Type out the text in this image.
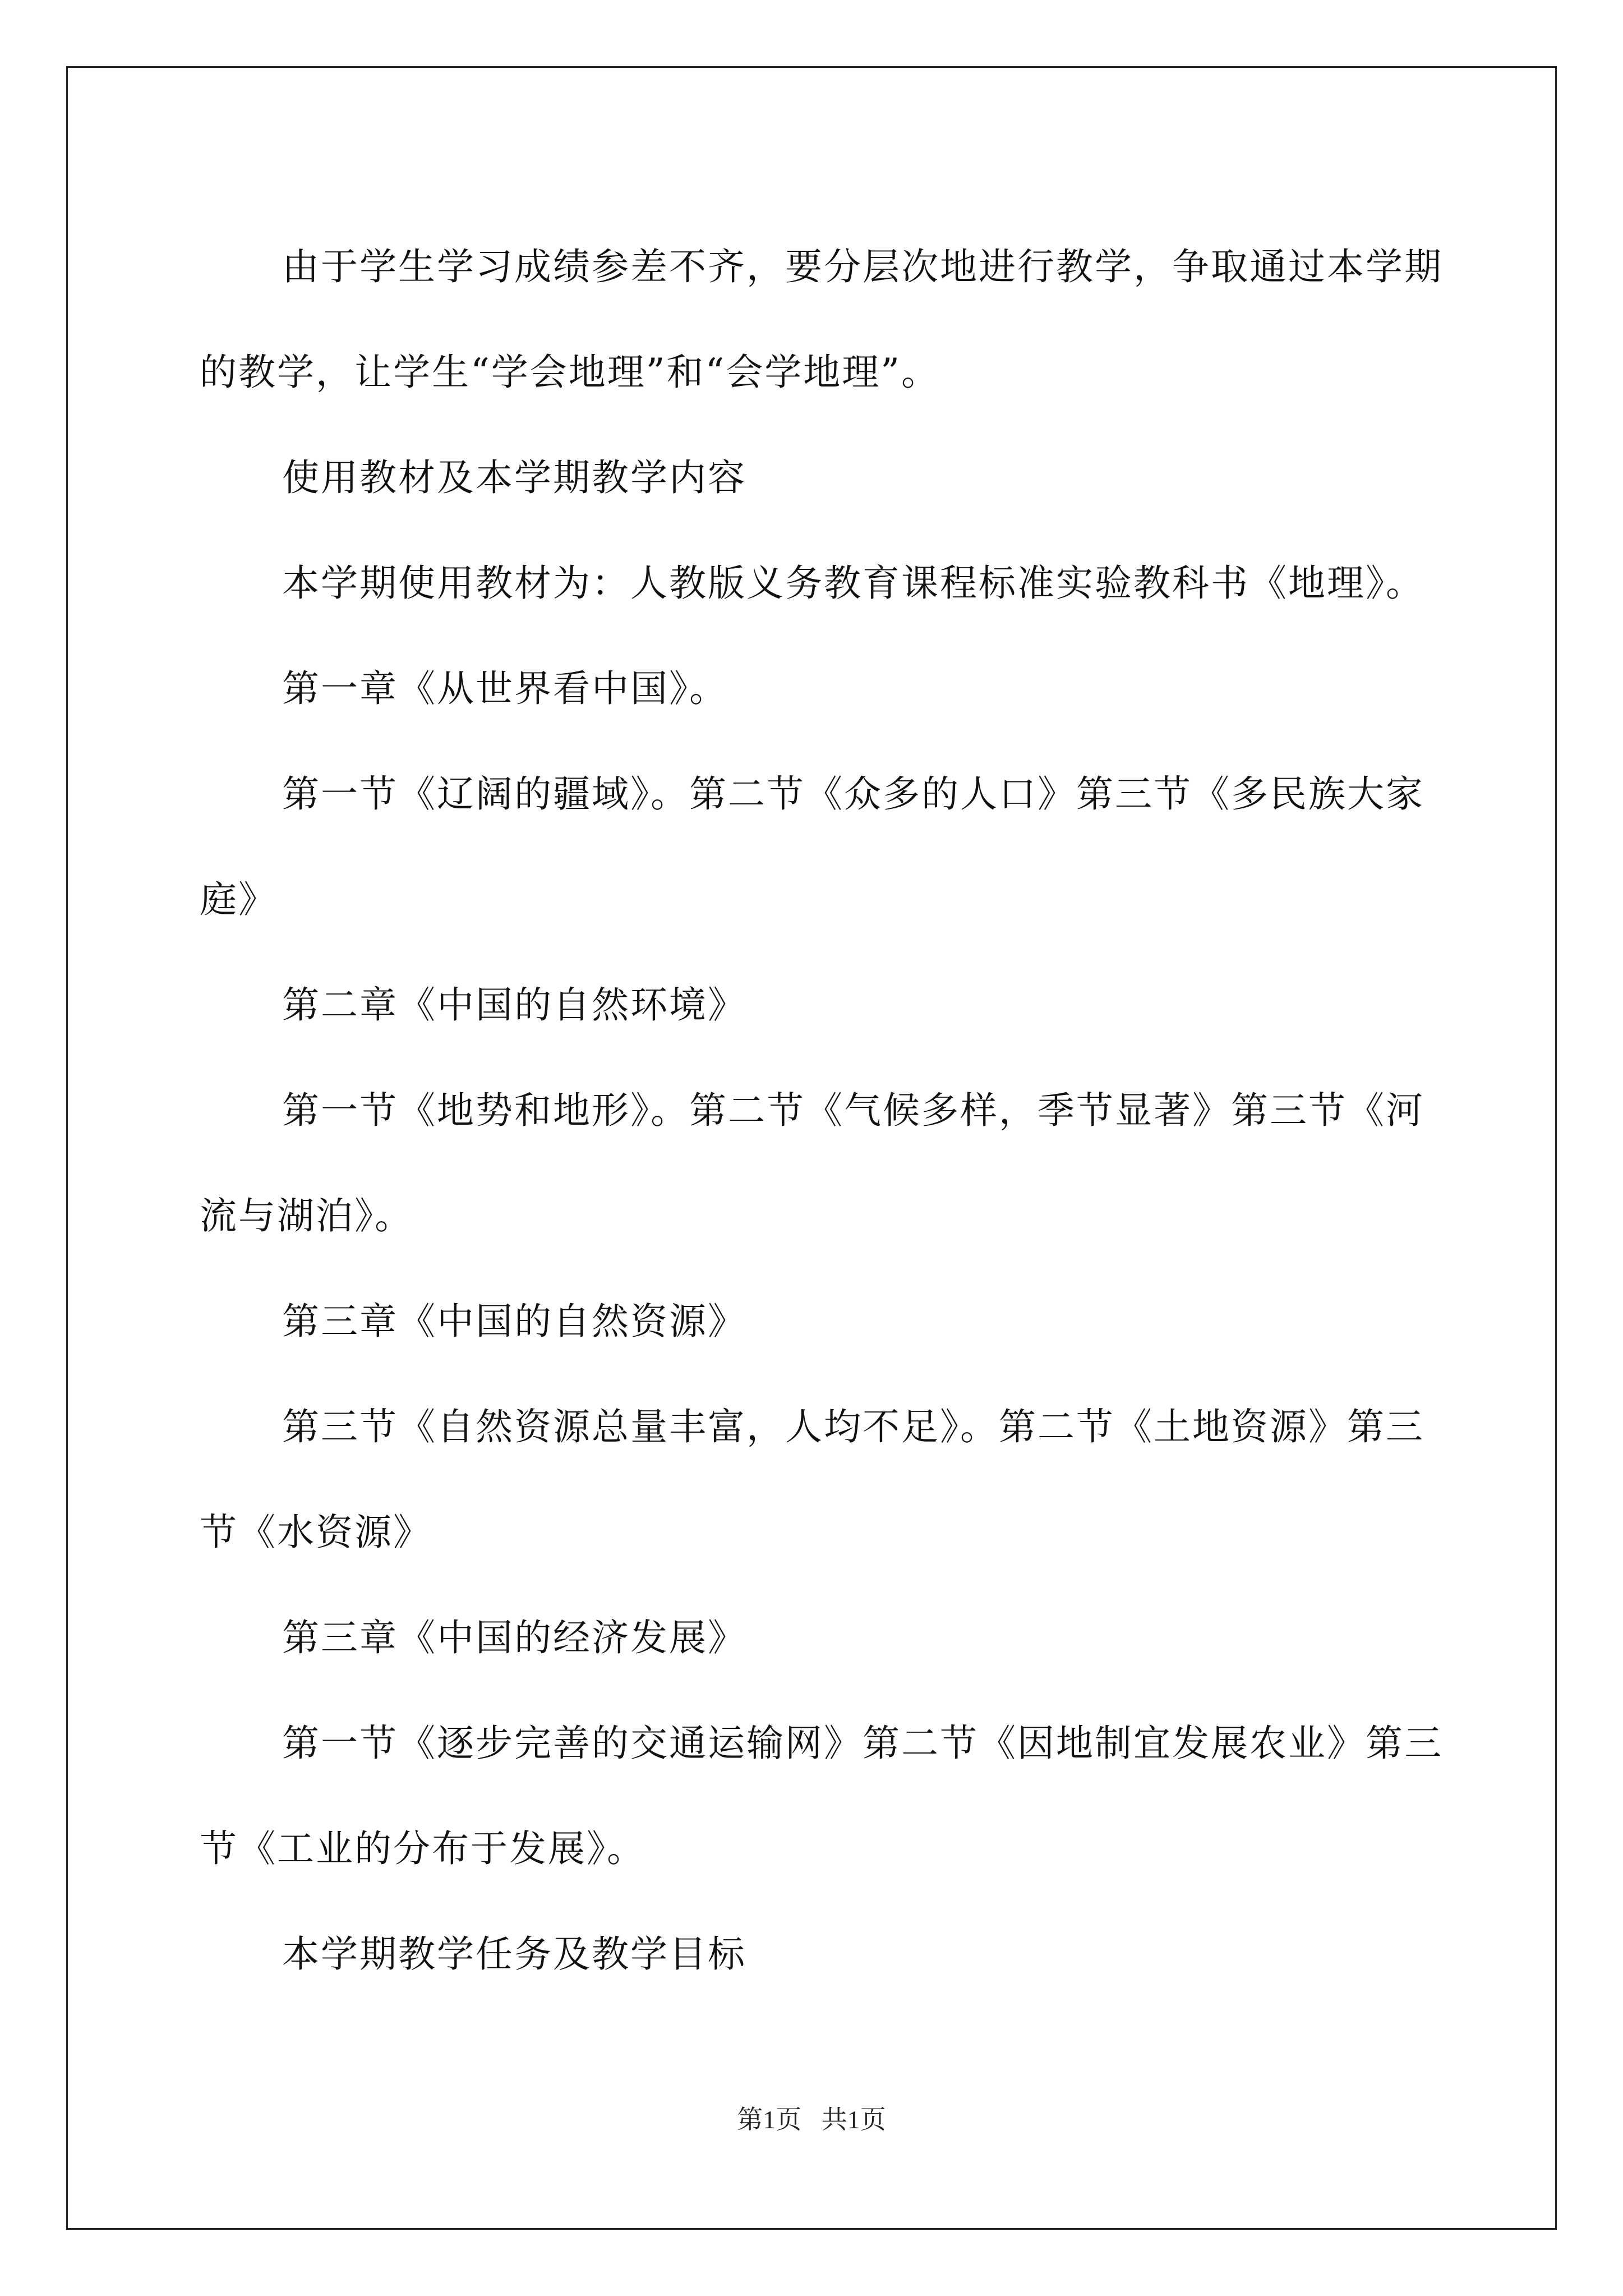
由于学生学习成绩参差不齐，要分层次地进行教学，争取通过本学期的教学，让学生“学会地理”和“会学地理”。

使用教材及本学期教学内容

本学期使用教材为：人教版义务教育课程标准实验教科书《地理》。

第一章《从世界看中国》。

第一节《辽阔的疆域》。第二节《众多的人口》第三节《多民族大家庭》

第二章《中国的自然环境》

第一节《地势和地形》。第二节《气候多样，季节显著》第三节《河流与湖泊》。

第三章《中国的自然资源》

第三节《自然资源总量丰富，人均不足》。第二节《土地资源》第三节《水资源》

第三章《中国的经济发展》

第一节《逐步完善的交通运输网》第二节《因地制宜发展农业》第三节《工业的分布于发展》。

本学期教学任务及教学目标

第1页 共1页
